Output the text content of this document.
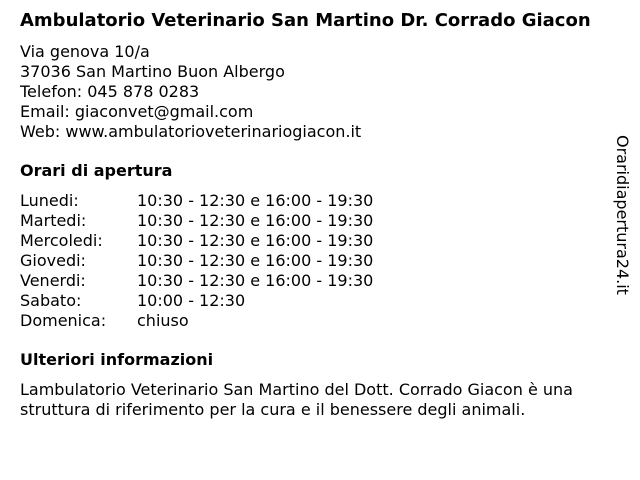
Ambulatorio Veterinario San Martino Dr. Corrado Giacon
Via genova 10/a
37036 San Martino Buon Albergo
Telefon: 045 878 0283
Email: giaconvet@gmail.com
Web: www.ambulatorioveterinariogiacon.it
Orari di apertura
Lunedi:	10:30 - 12:30 e 16:00 - 19:30
Martedi:	10:30 - 12:30 e 16:00 - 19:30
Mercoledi:	10:30 - 12:30 e 16:00 - 19:30
Giovedi:	10:30 - 12:30 e 16:00 - 19:30
Venerdi:	10:30 - 12:30 e 16:00 - 19:30
Sabato:	10:00 - 12:30
Domenica:	chiuso
Ulteriori informazioni
Lambulatorio Veterinario San Martino del Dott. Corrado Giacon è una struttura di riferimento per la cura e il benessere degli animali.
Oraridiapertura24.it
